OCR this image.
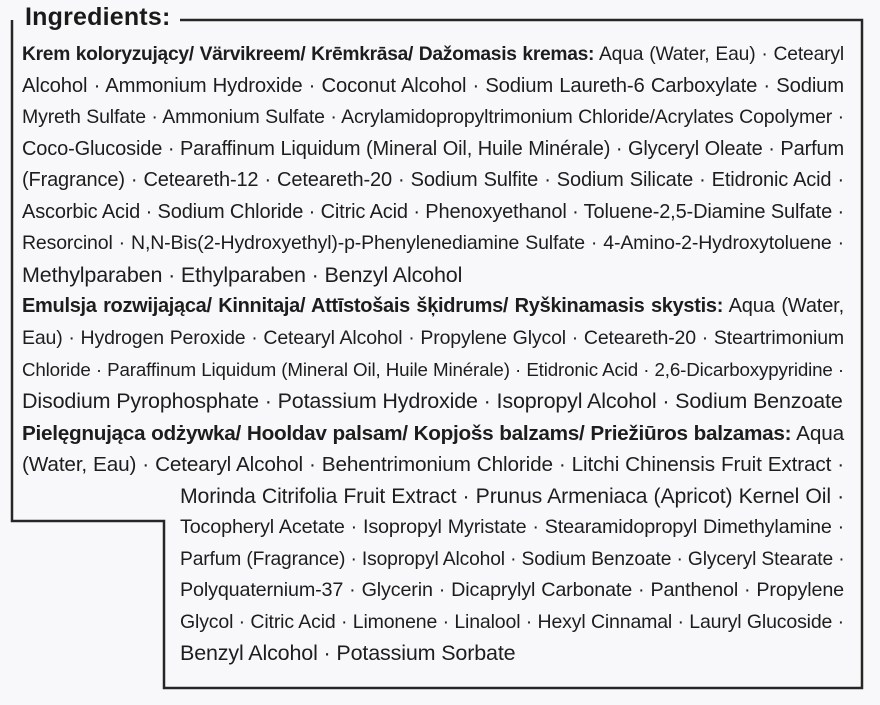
Ingredients:
Krem koloryzujący/ Värvikreem/ Krēmkrāsa/ Dažomasis kremas: Aqua (Water, Eau) · Cetearyl
Alcohol · Ammonium Hydroxide · Coconut Alcohol · Sodium Laureth-6 Carboxylate · Sodium
Myreth Sulfate · Ammonium Sulfate · Acrylamidopropyltrimonium Chloride/Acrylates Copolymer ·
Coco-Glucoside · Paraffinum Liquidum (Mineral Oil, Huile Minérale) · Glyceryl Oleate · Parfum
(Fragrance) · Ceteareth-12 · Ceteareth-20 · Sodium Sulfite · Sodium Silicate · Etidronic Acid ·
Ascorbic Acid · Sodium Chloride · Citric Acid · Phenoxyethanol · Toluene-2,5-Diamine Sulfate ·
Resorcinol · N,N-Bis(2-Hydroxyethyl)-p-Phenylenediamine Sulfate · 4-Amino-2-Hydroxytoluene ·
Methylparaben · Ethylparaben · Benzyl Alcohol
Emulsja rozwijająca/ Kinnitaja/ Attīstošais šķidrums/ Ryškinamasis skystis: Aqua (Water,
Eau) · Hydrogen Peroxide · Cetearyl Alcohol · Propylene Glycol · Ceteareth-20 · Steartrimonium
Chloride · Paraffinum Liquidum (Mineral Oil, Huile Minérale) · Etidronic Acid · 2,6-Dicarboxypyridine ·
Disodium Pyrophosphate · Potassium Hydroxide · Isopropyl Alcohol · Sodium Benzoate
Pielęgnująca odżywka/ Hooldav palsam/ Kopjošs balzams/ Priežiūros balzamas: Aqua
(Water, Eau) · Cetearyl Alcohol · Behentrimonium Chloride · Litchi Chinensis Fruit Extract ·
Morinda Citrifolia Fruit Extract · Prunus Armeniaca (Apricot) Kernel Oil ·
Tocopheryl Acetate · Isopropyl Myristate · Stearamidopropyl Dimethylamine ·
Parfum (Fragrance) · Isopropyl Alcohol · Sodium Benzoate · Glyceryl Stearate ·
Polyquaternium-37 · Glycerin · Dicaprylyl Carbonate · Panthenol · Propylene
Glycol · Citric Acid · Limonene · Linalool · Hexyl Cinnamal · Lauryl Glucoside ·
Benzyl Alcohol · Potassium Sorbate
